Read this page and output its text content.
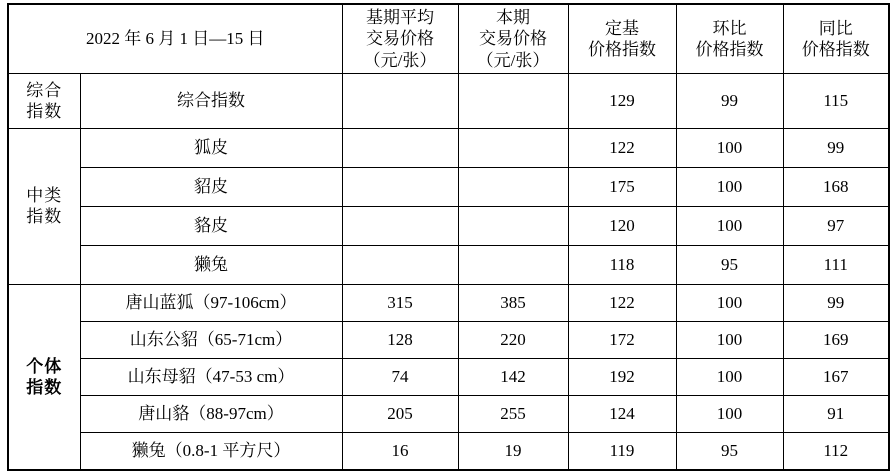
2022 年 6 月 1 日—15 日	
基期平均
交易价格
（元/张）

本期
交易价格
（元/张）

定基
价格指数

环比
价格指数

同比
价格指数

综合
指数	综合指数			129	99	115

中类
指数	狐皮			122	100	99
	貂皮			175	100	168
	貉皮			120	100	97
	獭兔			118	95	111

个体
指数	唐山蓝狐（97-106cm）	315	385	122	100	99
	山东公貂（65-71cm）	128	220	172	100	169
	山东母貂（47-53 cm）	74	142	192	100	167
	唐山貉（88-97cm）	205	255	124	100	91
	獭兔（0.8-1 平方尺）	16	19	119	95	112
